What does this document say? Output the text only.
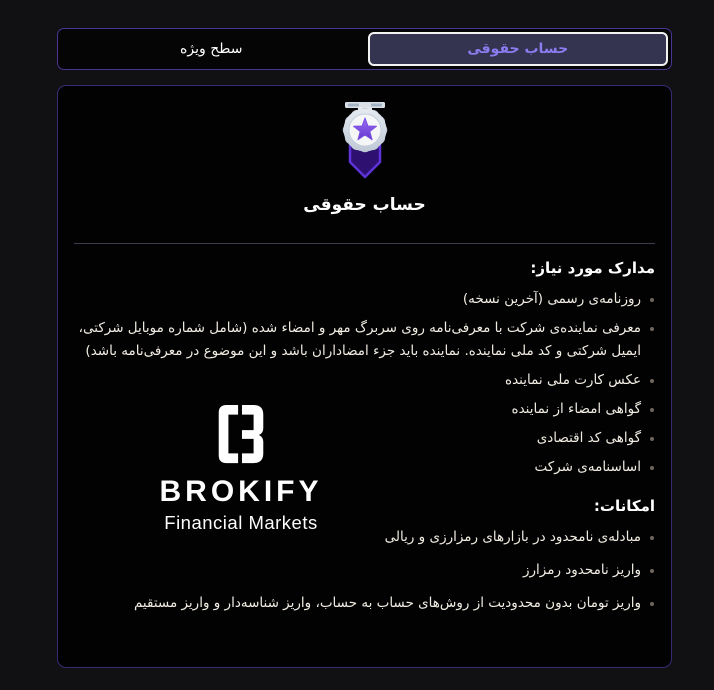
حساب حقوقی
سطح ویژه
حساب حقوقی
مدارک مورد نیاز:
روزنامه‌ی رسمی (آخرین نسخه)
معرفی نماینده‌ی شرکت با معرفی‌نامه روی سربرگ مهر و امضاء شده (شامل شماره موبایل شرکتی، ایمیل شرکتی و کد ملی نماینده. نماینده باید جزء امضاداران باشد و این موضوع در معرفی‌نامه باشد)
عکس کارت ملی نماینده
گواهی امضاء از نماینده
گواهی کد اقتصادی
اساسنامه‌ی شرکت
امکانات:
مبادله‌ی نامحدود در بازارهای رمزارزی و ریالی
واریز نامحدود رمزارز
واریز تومان بدون محدودیت از روش‌های حساب به حساب، واریز شناسه‌دار و واریز مستقیم
BROKIFY
Financial Markets
